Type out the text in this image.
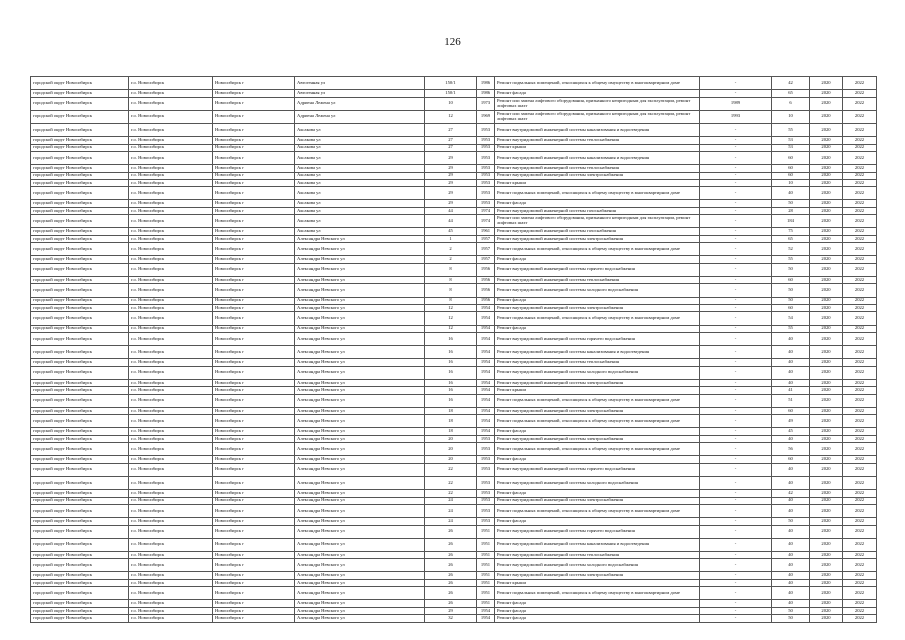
126
городской округ Новосибирск	г.о. Новосибирск	Новосибирск г	Автогенная ул	150/1	1986	Ремонт подвальных помещений, относящихся к общему имуществу в многоквартирном доме	-	42	2020	2022
городской округ Новосибирск	г.о. Новосибирск	Новосибирск г	Автогенная ул	150/1	1986	Ремонт фасада	-	65	2020	2022
городской округ Новосибирск	г.о. Новосибирск	Новосибирск г	Адриена Лежена ул	10	1973	Ремонт или замена лифтового оборудования, признанного непригодным для эксплуатации, ремонт лифтовых шахт	1989	6	2020	2022
городской округ Новосибирск	г.о. Новосибирск	Новосибирск г	Адриена Лежена ул	12	1969	Ремонт или замена лифтового оборудования, признанного непригодным для эксплуатации, ремонт лифтовых шахт	1993	10	2020	2022
городской округ Новосибирск	г.о. Новосибирск	Новосибирск г	Аксакова ул	27	1953	Ремонт внутридомовой инженерной системы канализования и водоотведения	-	55	2020	2022
городской округ Новосибирск	г.о. Новосибирск	Новосибирск г	Аксакова ул	27	1953	Ремонт внутридомовой инженерной системы теплоснабжения	-	53	2020	2022
городской округ Новосибирск	г.о. Новосибирск	Новосибирск г	Аксакова ул	27	1953	Ремонт крыши	-	53	2020	2022
городской округ Новосибирск	г.о. Новосибирск	Новосибирск г	Аксакова ул	29	1953	Ремонт внутридомовой инженерной системы канализования и водоотведения	-	60	2020	2022
городской округ Новосибирск	г.о. Новосибирск	Новосибирск г	Аксакова ул	29	1953	Ремонт внутридомовой инженерной системы теплоснабжения	-	60	2020	2022
городской округ Новосибирск	г.о. Новосибирск	Новосибирск г	Аксакова ул	29	1953	Ремонт внутридомовой инженерной системы электроснабжения	-	60	2020	2022
городской округ Новосибирск	г.о. Новосибирск	Новосибирск г	Аксакова ул	29	1953	Ремонт крыши	-	10	2020	2022
городской округ Новосибирск	г.о. Новосибирск	Новосибирск г	Аксакова ул	29	1953	Ремонт подвальных помещений, относящихся к общему имуществу в многоквартирном доме	-	40	2020	2022
городской округ Новосибирск	г.о. Новосибирск	Новосибирск г	Аксакова ул	29	1953	Ремонт фасада	-	50	2020	2022
городской округ Новосибирск	г.о. Новосибирск	Новосибирск г	Аксакова ул	44	1974	Ремонт внутридомовой инженерной системы газоснабжения	-	28	2020	2022
городской округ Новосибирск	г.о. Новосибирск	Новосибирск г	Аксакова ул	44	1974	Ремонт или замена лифтового оборудования, признанного непригодным для эксплуатации, ремонт лифтовых шахт	-	184	2020	2022
городской округ Новосибирск	г.о. Новосибирск	Новосибирск г	Аксакова ул	45	1961	Ремонт внутридомовой инженерной системы газоснабжения	-	75	2020	2022
городской округ Новосибирск	г.о. Новосибирск	Новосибирск г	Александра Невского ул	1	1957	Ремонт внутридомовой инженерной системы электроснабжения	-	65	2020	2022
городской округ Новосибирск	г.о. Новосибирск	Новосибирск г	Александра Невского ул	2	1957	Ремонт подвальных помещений, относящихся к общему имуществу в многоквартирном доме	-	52	2020	2022
городской округ Новосибирск	г.о. Новосибирск	Новосибирск г	Александра Невского ул	2	1957	Ремонт фасада	-	55	2020	2022
городской округ Новосибирск	г.о. Новосибирск	Новосибирск г	Александра Невского ул	8	1956	Ремонт внутридомовой инженерной системы горячего водоснабжения	-	50	2020	2022
городской округ Новосибирск	г.о. Новосибирск	Новосибирск г	Александра Невского ул	8	1956	Ремонт внутридомовой инженерной системы теплоснабжения	-	60	2020	2022
городской округ Новосибирск	г.о. Новосибирск	Новосибирск г	Александра Невского ул	8	1956	Ремонт внутридомовой инженерной системы холодного водоснабжения	-	50	2020	2022
городской округ Новосибирск	г.о. Новосибирск	Новосибирск г	Александра Невского ул	8	1956	Ремонт фасада	-	50	2020	2022
городской округ Новосибирск	г.о. Новосибирск	Новосибирск г	Александра Невского ул	12	1954	Ремонт внутридомовой инженерной системы электроснабжения	-	60	2020	2022
городской округ Новосибирск	г.о. Новосибирск	Новосибирск г	Александра Невского ул	12	1954	Ремонт подвальных помещений, относящихся к общему имуществу в многоквартирном доме	-	54	2020	2022
городской округ Новосибирск	г.о. Новосибирск	Новосибирск г	Александра Невского ул	12	1954	Ремонт фасада	-	55	2020	2022
городской округ Новосибирск	г.о. Новосибирск	Новосибирск г	Александра Невского ул	16	1954	Ремонт внутридомовой инженерной системы горячего водоснабжения	-	40	2020	2022
городской округ Новосибирск	г.о. Новосибирск	Новосибирск г	Александра Невского ул	16	1954	Ремонт внутридомовой инженерной системы канализования и водоотведения	-	40	2020	2022
городской округ Новосибирск	г.о. Новосибирск	Новосибирск г	Александра Невского ул	16	1954	Ремонт внутридомовой инженерной системы теплоснабжения	-	40	2020	2022
городской округ Новосибирск	г.о. Новосибирск	Новосибирск г	Александра Невского ул	16	1954	Ремонт внутридомовой инженерной системы холодного водоснабжения	-	40	2020	2022
городской округ Новосибирск	г.о. Новосибирск	Новосибирск г	Александра Невского ул	16	1954	Ремонт внутридомовой инженерной системы электроснабжения	-	40	2020	2022
городской округ Новосибирск	г.о. Новосибирск	Новосибирск г	Александра Невского ул	16	1954	Ремонт крыши	-	41	2020	2022
городской округ Новосибирск	г.о. Новосибирск	Новосибирск г	Александра Невского ул	16	1954	Ремонт подвальных помещений, относящихся к общему имуществу в многоквартирном доме	-	51	2020	2022
городской округ Новосибирск	г.о. Новосибирск	Новосибирск г	Александра Невского ул	18	1954	Ремонт внутридомовой инженерной системы электроснабжения	-	60	2020	2022
городской округ Новосибирск	г.о. Новосибирск	Новосибирск г	Александра Невского ул	18	1954	Ремонт подвальных помещений, относящихся к общему имуществу в многоквартирном доме	-	49	2020	2022
городской округ Новосибирск	г.о. Новосибирск	Новосибирск г	Александра Невского ул	18	1954	Ремонт фасада	-	45	2020	2022
городской округ Новосибирск	г.о. Новосибирск	Новосибирск г	Александра Невского ул	20	1953	Ремонт внутридомовой инженерной системы электроснабжения	-	40	2020	2022
городской округ Новосибирск	г.о. Новосибирск	Новосибирск г	Александра Невского ул	20	1953	Ремонт подвальных помещений, относящихся к общему имуществу в многоквартирном доме	-	56	2020	2022
городской округ Новосибирск	г.о. Новосибирск	Новосибирск г	Александра Невского ул	20	1953	Ремонт фасада	-	60	2020	2022
городской округ Новосибирск	г.о. Новосибирск	Новосибирск г	Александра Невского ул	22	1953	Ремонт внутридомовой инженерной системы горячего водоснабжения	-	40	2020	2022
городской округ Новосибирск	г.о. Новосибирск	Новосибирск г	Александра Невского ул	22	1953	Ремонт внутридомовой инженерной системы холодного водоснабжения	-	40	2020	2022
городской округ Новосибирск	г.о. Новосибирск	Новосибирск г	Александра Невского ул	22	1953	Ремонт фасада	-	42	2020	2022
городской округ Новосибирск	г.о. Новосибирск	Новосибирск г	Александра Невского ул	24	1953	Ремонт внутридомовой инженерной системы электроснабжения	-	40	2020	2022
городской округ Новосибирск	г.о. Новосибирск	Новосибирск г	Александра Невского ул	24	1953	Ремонт подвальных помещений, относящихся к общему имуществу в многоквартирном доме	-	40	2020	2022
городской округ Новосибирск	г.о. Новосибирск	Новосибирск г	Александра Невского ул	24	1953	Ремонт фасада	-	50	2020	2022
городской округ Новосибирск	г.о. Новосибирск	Новосибирск г	Александра Невского ул	26	1951	Ремонт внутридомовой инженерной системы горячего водоснабжения	-	40	2020	2022
городской округ Новосибирск	г.о. Новосибирск	Новосибирск г	Александра Невского ул	26	1951	Ремонт внутридомовой инженерной системы канализования и водоотведения	-	40	2020	2022
городской округ Новосибирск	г.о. Новосибирск	Новосибирск г	Александра Невского ул	26	1951	Ремонт внутридомовой инженерной системы теплоснабжения	-	40	2020	2022
городской округ Новосибирск	г.о. Новосибирск	Новосибирск г	Александра Невского ул	26	1951	Ремонт внутридомовой инженерной системы холодного водоснабжения	-	40	2020	2022
городской округ Новосибирск	г.о. Новосибирск	Новосибирск г	Александра Невского ул	26	1951	Ремонт внутридомовой инженерной системы электроснабжения	-	40	2020	2022
городской округ Новосибирск	г.о. Новосибирск	Новосибирск г	Александра Невского ул	26	1951	Ремонт крыши	-	40	2020	2022
городской округ Новосибирск	г.о. Новосибирск	Новосибирск г	Александра Невского ул	26	1951	Ремонт подвальных помещений, относящихся к общему имуществу в многоквартирном доме	-	40	2020	2022
городской округ Новосибирск	г.о. Новосибирск	Новосибирск г	Александра Невского ул	26	1951	Ремонт фасада	-	40	2020	2022
городской округ Новосибирск	г.о. Новосибирск	Новосибирск г	Александра Невского ул	29	1954	Ремонт фасада	-	50	2020	2022
городской округ Новосибирск	г.о. Новосибирск	Новосибирск г	Александра Невского ул	32	1954	Ремонт фасада	-	50	2020	2022
